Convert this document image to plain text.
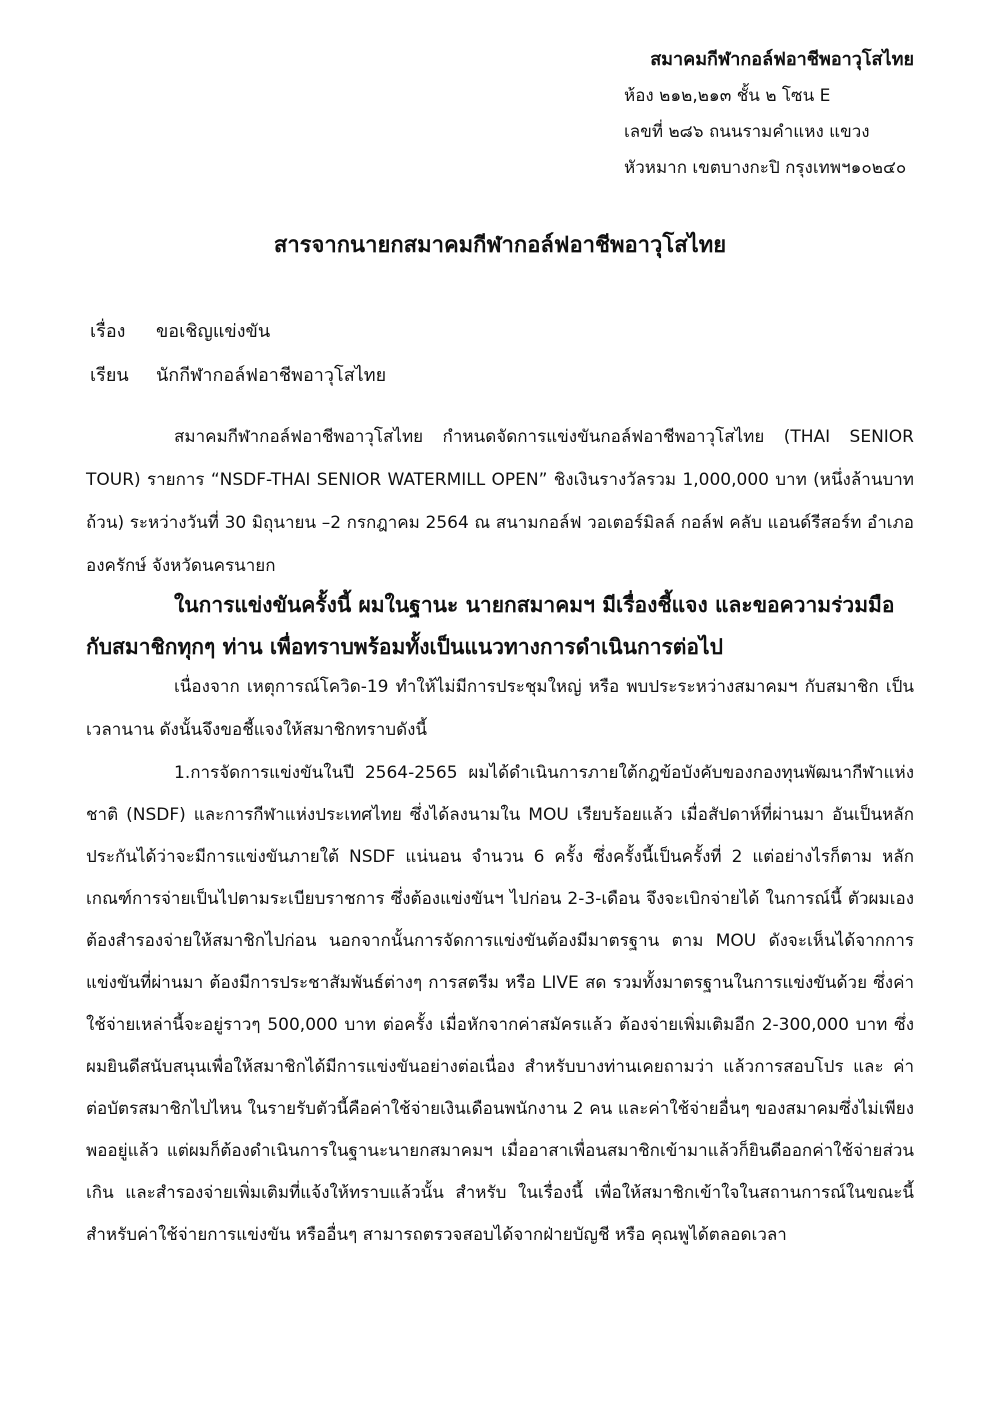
สมาคมกีฬากอล์ฟอาชีพอาวุโสไทย
ห้อง ๒๑๒,๒๑๓ ชั้น ๒ โซน E
เลขที่ ๒๘๖ ถนนรามคำแหง แขวง
หัวหมาก เขตบางกะปิ กรุงเทพฯ๑๐๒๔๐
สารจากนายกสมาคมกีฬากอล์ฟอาชีพอาวุโสไทย
เรื่อง ขอเชิญแข่งขัน
เรียน นักกีฬากอล์ฟอาชีพอาวุโสไทย

สมาคมกีฬากอล์ฟอาชีพอาวุโสไทย กำหนดจัดการแข่งขันกอล์ฟอาชีพอาวุโสไทย (THAI SENIOR TOUR) รายการ “NSDF-THAI SENIOR WATERMILL OPEN” ชิงเงินรางวัลรวม 1,000,000 บาท (หนึ่งล้านบาทถ้วน) ระหว่างวันที่ 30 มิถุนายน –2 กรกฎาคม 2564 ณ สนามกอล์ฟ วอเตอร์มิลล์ กอล์ฟ คลับ แอนด์รีสอร์ท อำเภอองครักษ์ จังหวัดนครนายก

ในการแข่งขันครั้งนี้ ผมในฐานะ นายกสมาคมฯ มีเรื่องชี้แจง และขอความร่วมมือกับสมาชิกทุกๆ ท่าน เพื่อทราบพร้อมทั้งเป็นแนวทางการดำเนินการต่อไป

เนื่องจาก เหตุการณ์โควิด-19 ทำให้ไม่มีการประชุมใหญ่ หรือ พบประระหว่างสมาคมฯ กับสมาชิก เป็นเวลานาน ดังนั้นจึงขอชี้แจงให้สมาชิกทราบดังนี้

1.การจัดการแข่งขันในปี 2564-2565 ผมได้ดำเนินการภายใต้กฎข้อบังคับของกองทุนพัฒนากีฬาแห่งชาติ (NSDF) และการกีฬาแห่งประเทศไทย ซึ่งได้ลงนามใน MOU เรียบร้อยแล้ว เมื่อสัปดาห์ที่ผ่านมา อันเป็นหลักประกันได้ว่าจะมีการแข่งขันภายใต้ NSDF แน่นอน จำนวน 6 ครั้ง ซึ่งครั้งนี้เป็นครั้งที่ 2 แต่อย่างไรก็ตาม หลักเกณฑ์การจ่ายเป็นไปตามระเบียบราชการ ซึ่งต้องแข่งขันฯ ไปก่อน 2-3-เดือน จึงจะเบิกจ่ายได้ ในการณ์นี้ ตัวผมเองต้องสำรองจ่ายให้สมาชิกไปก่อน นอกจากนั้นการจัดการแข่งขันต้องมีมาตรฐาน ตาม MOU ดังจะเห็นได้จากการแข่งขันที่ผ่านมา ต้องมีการประชาสัมพันธ์ต่างๆ การสตรีม หรือ LIVE สด รวมทั้งมาตรฐานในการแข่งขันด้วย ซึ่งค่าใช้จ่ายเหล่านี้จะอยู่ราวๆ 500,000 บาท ต่อครั้ง เมื่อหักจากค่าสมัครแล้ว ต้องจ่ายเพิ่มเติมอีก 2-300,000 บาท ซึ่งผมยินดีสนับสนุนเพื่อให้สมาชิกได้มีการแข่งขันอย่างต่อเนื่อง สำหรับบางท่านเคยถามว่า แล้วการสอบโปร และ ค่าต่อบัตรสมาชิกไปไหน ในรายรับตัวนี้คือค่าใช้จ่ายเงินเดือนพนักงาน 2 คน และค่าใช้จ่ายอื่นๆ ของสมาคมซึ่งไม่เพียงพออยู่แล้ว แต่ผมก็ต้องดำเนินการในฐานะนายกสมาคมฯ เมื่ออาสาเพื่อนสมาชิกเข้ามาแล้วก็ยินดีออกค่าใช้จ่ายส่วนเกิน และสำรองจ่ายเพิ่มเติมที่แจ้งให้ทราบแล้วนั้น สำหรับ ในเรื่องนี้ เพื่อให้สมาชิกเข้าใจในสถานการณ์ในขณะนี้ สำหรับค่าใช้จ่ายการแข่งขัน หรืออื่นๆ สามารถตรวจสอบได้จากฝ่ายบัญชี หรือ คุณพูได้ตลอดเวลา
